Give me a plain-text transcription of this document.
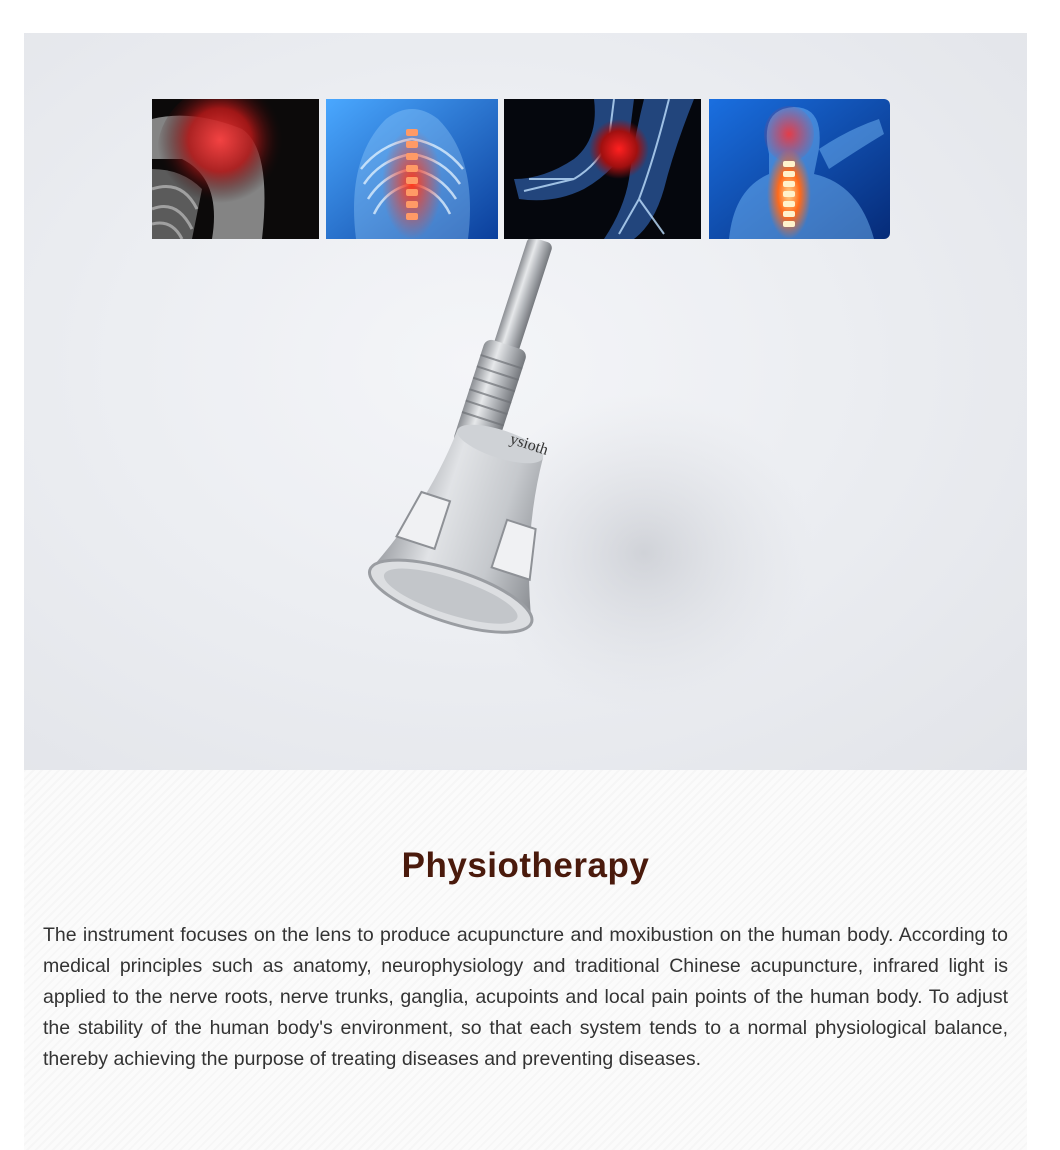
ysioth
Physiotherapy

The instrument focuses on the lens to produce acupuncture and moxibustion on the human body. According to medical principles such as anatomy, neurophysiology and traditional Chinese acupuncture, infrared light is applied to the nerve roots, nerve trunks, ganglia, acupoints and local pain points of the human body. To adjust the stability of the human body's environment, so that each system tends to a normal physiological balance, thereby achieving the purpose of treating diseases and preventing diseases.
